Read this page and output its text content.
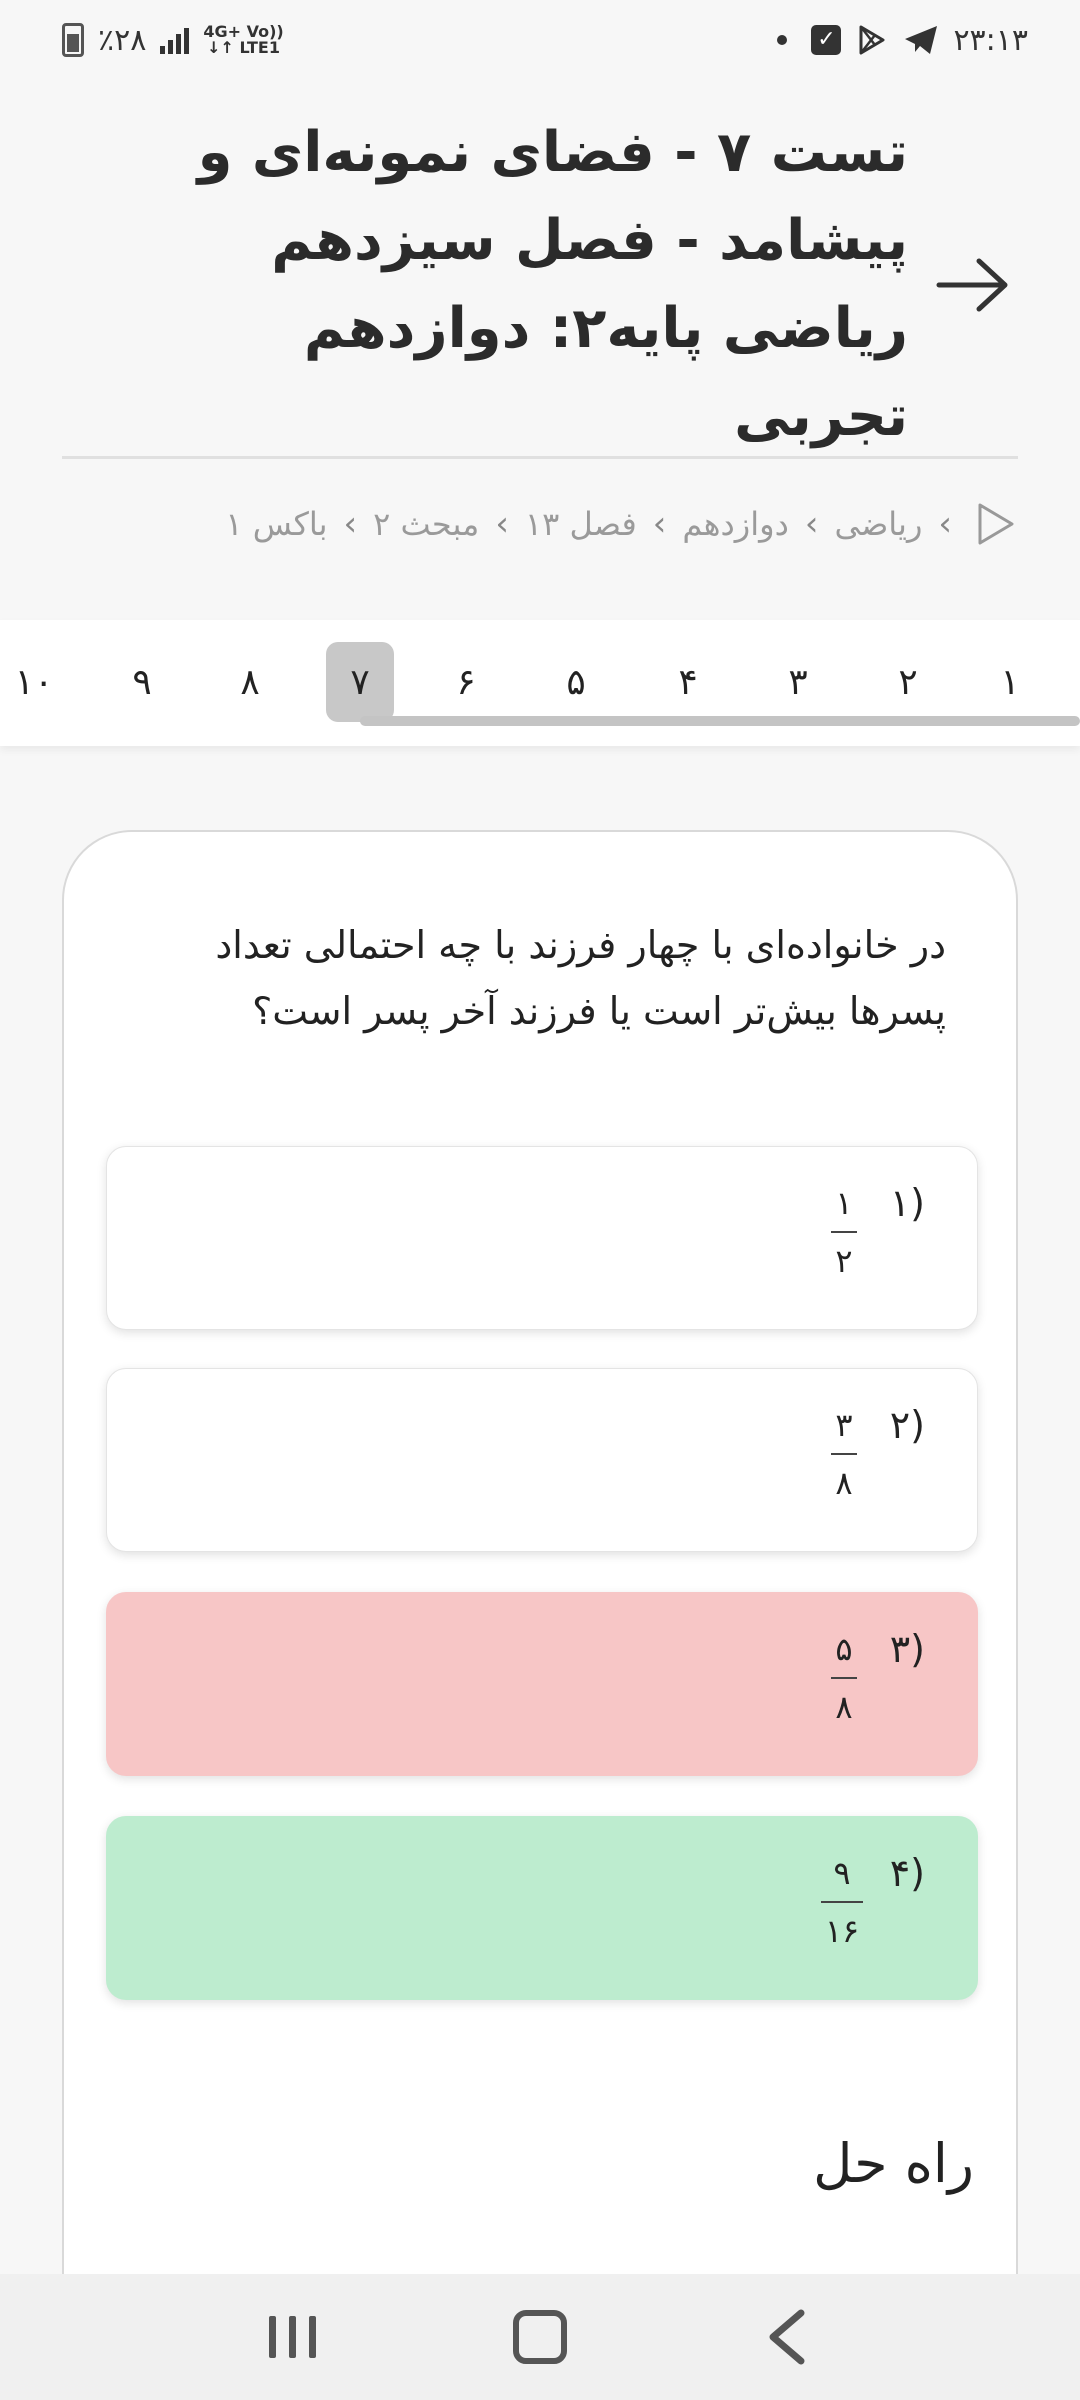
٪۲۸	4G+ Vo))
↓↑ LTE1	✓	۲۳:۱۳
تست ۷ - فضای نمونه‌ای و پیشامد - فصل سیزدهم ریاضی پایه۲: دوازدهم تجربی
‹
ریاضی
‹
دوازدهم
‹
فصل ۱۳
‹
مبحث ۲
‹
باکس ۱
۱
۲
۳
۴
۵
۶
۷
۸
۹
۱۰
در خانواده‌ای با چهار فرزند با چه احتمالی تعداد پسرها بیش‌تر است یا فرزند آخر پسر است؟
۱)
۱
۲
۲)
۳
۸
۳)
۵
۸
۴)
۹
۱۶
راه حل
